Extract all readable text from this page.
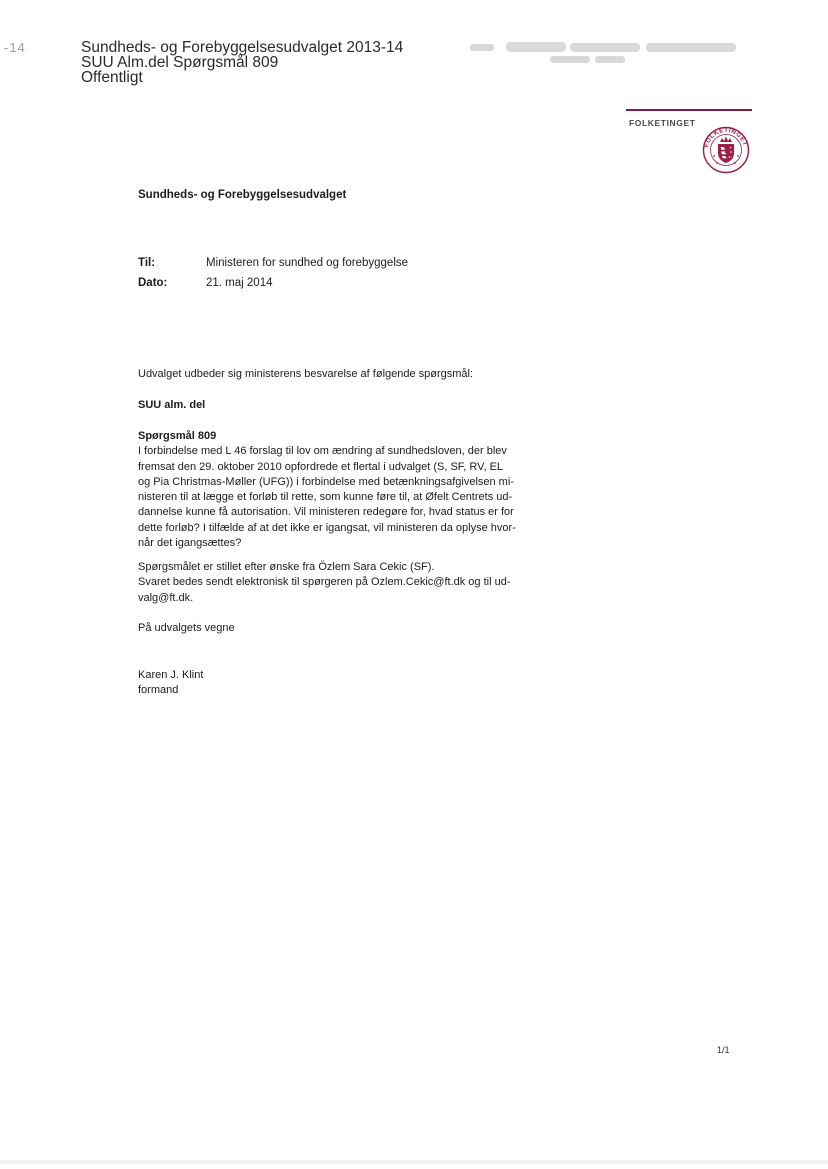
-14	Sundheds- og Forebyggelsesudvalget 2013-14
SUU Alm.del Spørgsmål 809
Offentligt
FOLKETINGET
FOLKETINGET
Sundheds- og Forebyggelsesudvalget
Til:	Ministeren for sundhed og forebyggelse
Dato:	21. maj 2014
Udvalget udbeder sig ministerens besvarelse af følgende spørgsmål:
SUU alm. del
Spørgsmål 809
I forbindelse med L 46 forslag til lov om ændring af sundhedsloven, der blev
fremsat den 29. oktober 2010 opfordrede et flertal i udvalget (S, SF, RV, EL
og Pia Christmas-Møller (UFG)) i forbindelse med betænkningsafgivelsen mi-
nisteren til at lægge et forløb til rette, som kunne føre til, at Øfelt Centrets ud-
dannelse kunne få autorisation. Vil ministeren redegøre for, hvad status er for
dette forløb? I tilfælde af at det ikke er igangsat, vil ministeren da oplyse hvor-
når det igangsættes?
Spørgsmålet er stillet efter ønske fra Özlem Sara Cekic (SF).
Svaret bedes sendt elektronisk til spørgeren på Ozlem.Cekic@ft.dk og til ud-
valg@ft.dk.
På udvalgets vegne
Karen J. Klint
formand
1/1
